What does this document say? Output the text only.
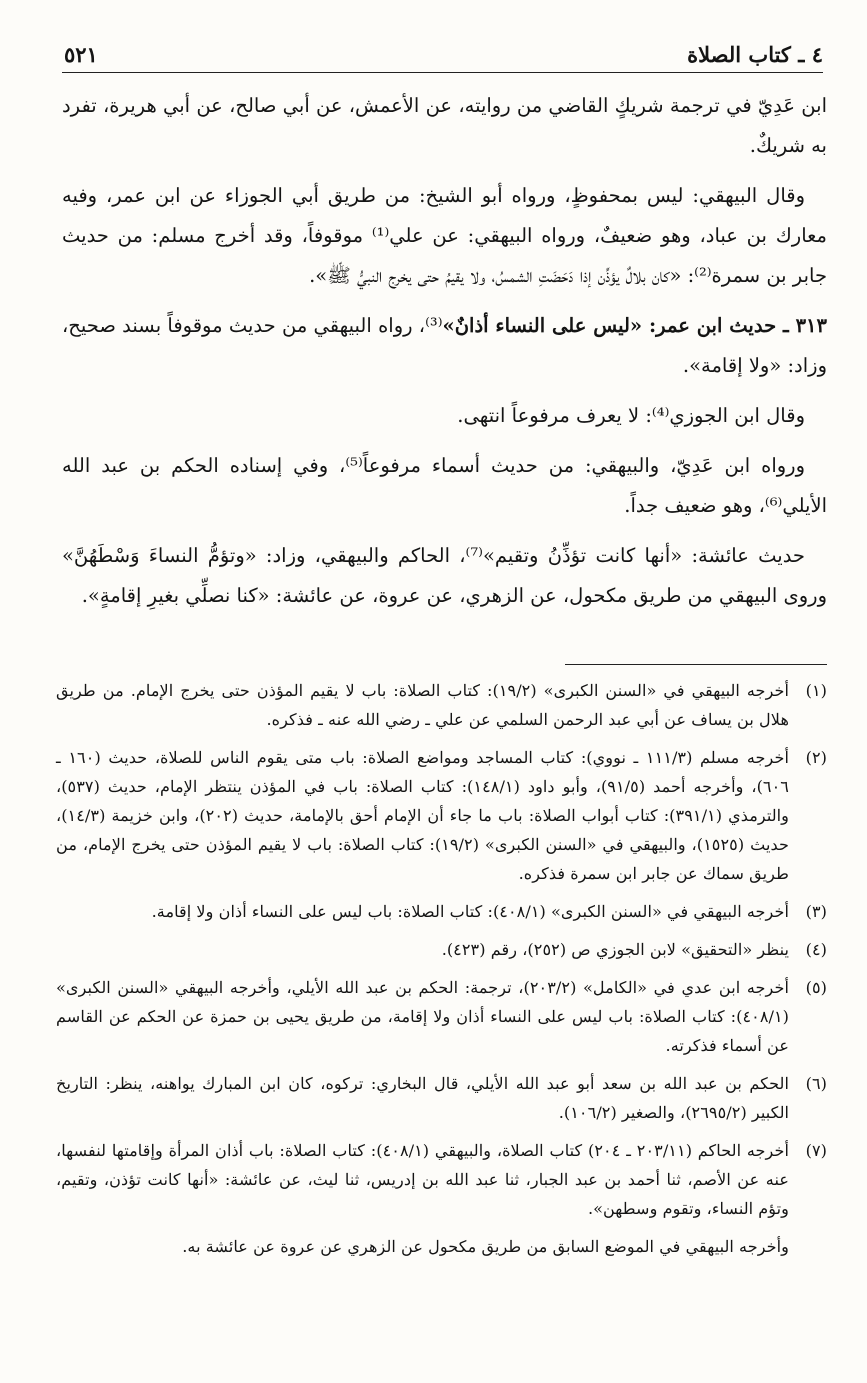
٤ ـ كتاب الصلاة
٥٢١

ابن عَدِيّ في ترجمة شريكٍ القاضي من روايته، عن الأعمش، عن أبي صالح، عن أبي هريرة، تفرد به شريكٌ.

وقال البيهقي: ليس بمحفوظٍ، ورواه أبو الشيخ: من طريق أبي الجوزاء عن ابن عمر، وفيه معارك بن عباد، وهو ضعيفٌ، ورواه البيهقي: عن علي⁽¹⁾ موقوفاً، وقد أخرج مسلم: من حديث جابر بن سمرة⁽²⁾: «كان بلالٌ يؤذِّن إذا دَحَضَتِ الشمسُ، ولا يقيمُ حتى يخرج النبيُّ ﷺ».

٣١٣ ـ حديث ابن عمر: «ليس على النساء أذانٌ»⁽³⁾، رواه البيهقي من حديث موقوفاً بسند صحيح، وزاد: «ولا إقامة».

وقال ابن الجوزي⁽⁴⁾: لا يعرف مرفوعاً انتهى.

ورواه ابن عَدِيّ، والبيهقي: من حديث أسماء مرفوعاً⁽⁵⁾، وفي إسناده الحكم بن عبد الله الأيلي⁽⁶⁾، وهو ضعيف جداً.

حديث عائشة: «أنها كانت تؤذِّنُ وتقيم»⁽⁷⁾، الحاكم والبيهقي، وزاد: «وتؤمُّ النساءَ وَسْطَهُنَّ» وروى البيهقي من طريق مكحول، عن الزهري، عن عروة، عن عائشة: «كنا نصلِّي بغيرِ إقامةٍ».

(١)
أخرجه البيهقي في «السنن الكبرى» (١٩/٢): كتاب الصلاة: باب لا يقيم المؤذن حتى يخرج الإمام. من طريق هلال بن يساف عن أبي عبد الرحمن السلمي عن علي ـ رضي الله عنه ـ فذكره.
(٢)
أخرجه مسلم (١١١/٣ ـ نووي): كتاب المساجد ومواضع الصلاة: باب متى يقوم الناس للصلاة، حديث (١٦٠ ـ ٦٠٦)، وأخرجه أحمد (٩١/٥)، وأبو داود (١٤٨/١): كتاب الصلاة: باب في المؤذن ينتظر الإمام، حديث (٥٣٧)، والترمذي (٣٩١/١): كتاب أبواب الصلاة: باب ما جاء أن الإمام أحق بالإمامة، حديث (٢٠٢)، وابن خزيمة (١٤/٣)، حديث (١٥٢٥)، والبيهقي في «السنن الكبرى» (١٩/٢): كتاب الصلاة: باب لا يقيم المؤذن حتى يخرج الإمام، من طريق سماك عن جابر ابن سمرة فذكره.
(٣)
أخرجه البيهقي في «السنن الكبرى» (٤٠٨/١): كتاب الصلاة: باب ليس على النساء أذان ولا إقامة.
(٤)
ينظر «التحقيق» لابن الجوزي ص (٢٥٢)، رقم (٤٢٣).
(٥)
أخرجه ابن عدي في «الكامل» (٢٠٣/٢)، ترجمة: الحكم بن عبد الله الأيلي، وأخرجه البيهقي «السنن الكبرى» (٤٠٨/١): كتاب الصلاة: باب ليس على النساء أذان ولا إقامة، من طريق يحيى بن حمزة عن الحكم عن القاسم عن أسماء فذكرته.
(٦)
الحكم بن عبد الله بن سعد أبو عبد الله الأيلي، قال البخاري: تركوه، كان ابن المبارك يواهنه، ينظر: التاريخ الكبير (٢٦٩٥/٢)، والصغير (١٠٦/٢).
(٧)
أخرجه الحاكم (٢٠٣/١١ ـ ٢٠٤) كتاب الصلاة، والبيهقي (٤٠٨/١): كتاب الصلاة: باب أذان المرأة وإقامتها لنفسها، عنه عن الأصم، ثنا أحمد بن عبد الجبار، ثنا عبد الله بن إدريس، ثنا ليث، عن عائشة: «أنها كانت تؤذن، وتقيم، وتؤم النساء، وتقوم وسطهن».
وأخرجه البيهقي في الموضع السابق من طريق مكحول عن الزهري عن عروة عن عائشة به.
